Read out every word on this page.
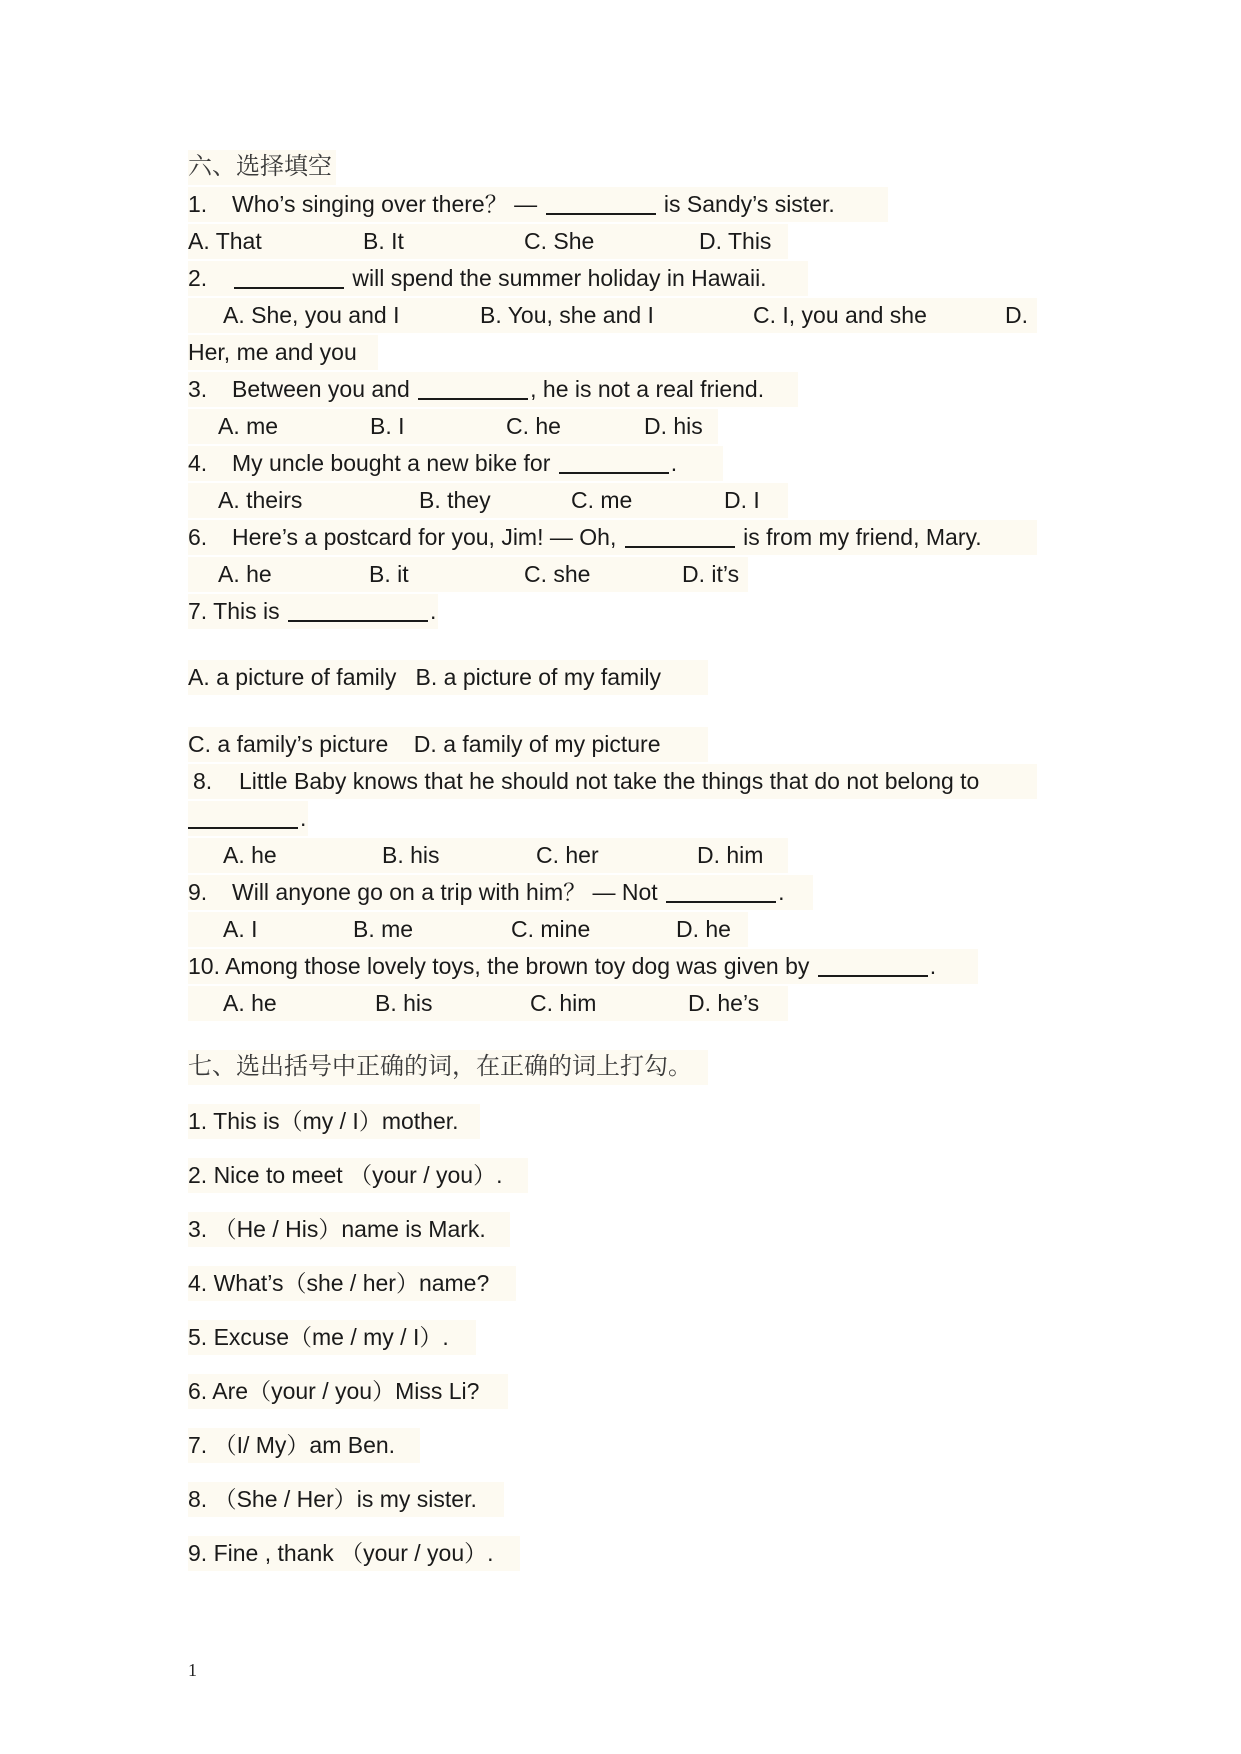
六、选择填空
1. Who’s singing over there？ —	is Sandy’s sister.
A. That	B. It	C. She	D. This
2.	will spend the summer holiday in Hawaii.
A. She, you and I	B. You, she and I	C. I, you and she	D.
Her, me and you
3. Between you and	, he is not a real friend.
A. me	B. I	C. he	D. his
4. My uncle bought a new bike for	.
A. theirs	B. they	C. me	D. I
6. Here’s a postcard for you, Jim! — Oh,	is from my friend, Mary.
A. he	B. it	C. she	D. it’s
7. This is	.
A. a picture of family   B. a picture of my family
C. a family’s picture    D. a family of my picture
8. Little Baby knows that he should not take the things that do not belong to
.
A. he	B. his	C. her	D. him
9. Will anyone go on a trip with him？ — Not	.
A. I	B. me	C. mine	D. he
10. Among those lovely toys, the brown toy dog was given by	.
A. he	B. his	C. him	D. he’s
七、选出括号中正确的词，在正确的词上打勾。
1. This is（my / I）mother.
2. Nice to meet （your / you）.
3. （He / His）name is Mark.
4. What’s（she / her）name?
5. Excuse（me / my / I）.
6. Are（your / you）Miss Li?
7. （I/ My）am Ben.
8. （She / Her）is my sister.
9. Fine , thank （your / you）.
1
